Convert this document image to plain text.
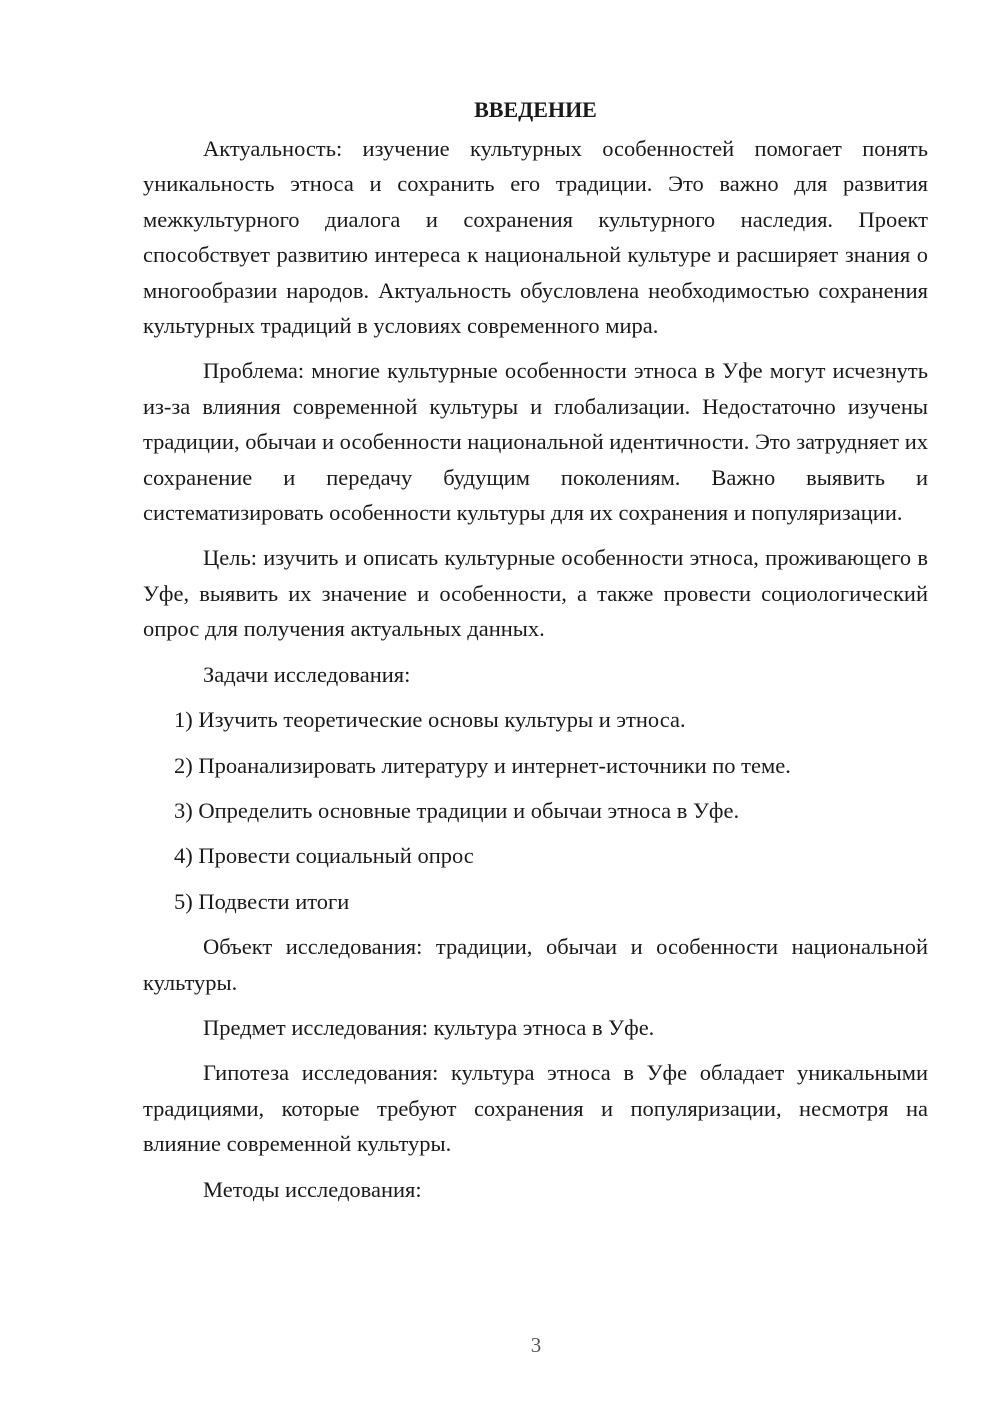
ВВЕДЕНИЕ

Актуальность: изучение культурных особенностей помогает понять уникальность этноса и сохранить его традиции. Это важно для развития межкультурного диалога и сохранения культурного наследия. Проект способствует развитию интереса к национальной культуре и расширяет знания о многообразии народов. Актуальность обусловлена необходимостью сохранения культурных традиций в условиях современного мира.

Проблема: многие культурные особенности этноса в Уфе могут исчезнуть из-за влияния современной культуры и глобализации. Недостаточно изучены традиции, обычаи и особенности национальной идентичности. Это затрудняет их сохранение и передачу будущим поколениям. Важно выявить и систематизировать особенности культуры для их сохранения и популяризации.

Цель: изучить и описать культурные особенности этноса, проживающего в Уфе, выявить их значение и особенности, а также провести социологический опрос для получения актуальных данных.

Задачи исследования:

1) Изучить теоретические основы культуры и этноса.

2) Проанализировать литературу и интернет-источники по теме.

3) Определить основные традиции и обычаи этноса в Уфе.

4) Провести социальный опрос

5) Подвести итоги

Объект исследования: традиции, обычаи и особенности национальной культуры.

Предмет исследования: культура этноса в Уфе.

Гипотеза исследования: культура этноса в Уфе обладает уникальными традициями, которые требуют сохранения и популяризации, несмотря на влияние современной культуры.

Методы исследования:

3
